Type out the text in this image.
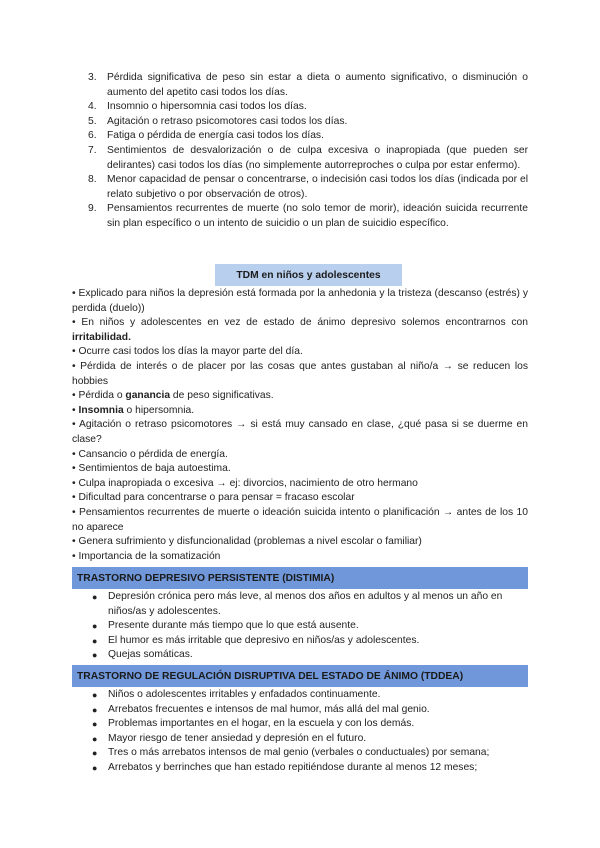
3. Pérdida significativa de peso sin estar a dieta o aumento significativo, o disminución o aumento del apetito casi todos los días.
4. Insomnio o hipersomnia casi todos los días.
5. Agitación o retraso psicomotores casi todos los días.
6. Fatiga o pérdida de energía casi todos los días.
7. Sentimientos de desvalorización o de culpa excesiva o inapropiada (que pueden ser delirantes) casi todos los días (no simplemente autorreproches o culpa por estar enfermo).
8. Menor capacidad de pensar o concentrarse, o indecisión casi todos los días (indicada por el relato subjetivo o por observación de otros).
9. Pensamientos recurrentes de muerte (no solo temor de morir), ideación suicida recurrente sin plan específico o un intento de suicidio o un plan de suicidio específico.
TDM en niños y adolescentes

• Explicado para niños la depresión está formada por la anhedonia y la tristeza (descanso (estrés) y perdida (duelo))

• En niños y adolescentes en vez de estado de ánimo depresivo solemos encontrarnos con irritabilidad.

• Ocurre casi todos los días la mayor parte del día.

• Pérdida de interés o de placer por las cosas que antes gustaban al niño/a → se reducen los hobbies

• Pérdida o ganancia de peso significativas.

• Insomnia o hipersomnia.

• Agitación o retraso psicomotores → si está muy cansado en clase, ¿qué pasa si se duerme en clase?

• Cansancio o pérdida de energía.

• Sentimientos de baja autoestima.

• Culpa inapropiada o excesiva → ej: divorcios, nacimiento de otro hermano

• Dificultad para concentrarse o para pensar = fracaso escolar

• Pensamientos recurrentes de muerte o ideación suicida intento o planificación → antes de los 10 no aparece

• Genera sufrimiento y disfuncionalidad (problemas a nivel escolar o familiar)

• Importancia de la somatización

TRASTORNO DEPRESIVO PERSISTENTE (DISTIMIA)
● Depresión crónica pero más leve, al menos dos años en adultos y al menos un año en niños/as y adolescentes.
● Presente durante más tiempo que lo que está ausente.
● El humor es más irritable que depresivo en niños/as y adolescentes.
● Quejas somáticas.
TRASTORNO DE REGULACIÓN DISRUPTIVA DEL ESTADO DE ÁNIMO (TDDEA)
● Niños o adolescentes irritables y enfadados continuamente.
● Arrebatos frecuentes e intensos de mal humor, más allá del mal genio.
● Problemas importantes en el hogar, en la escuela y con los demás.
● Mayor riesgo de tener ansiedad y depresión en el futuro.
● Tres o más arrebatos intensos de mal genio (verbales o conductuales) por semana;
● Arrebatos y berrinches que han estado repitiéndose durante al menos 12 meses;
